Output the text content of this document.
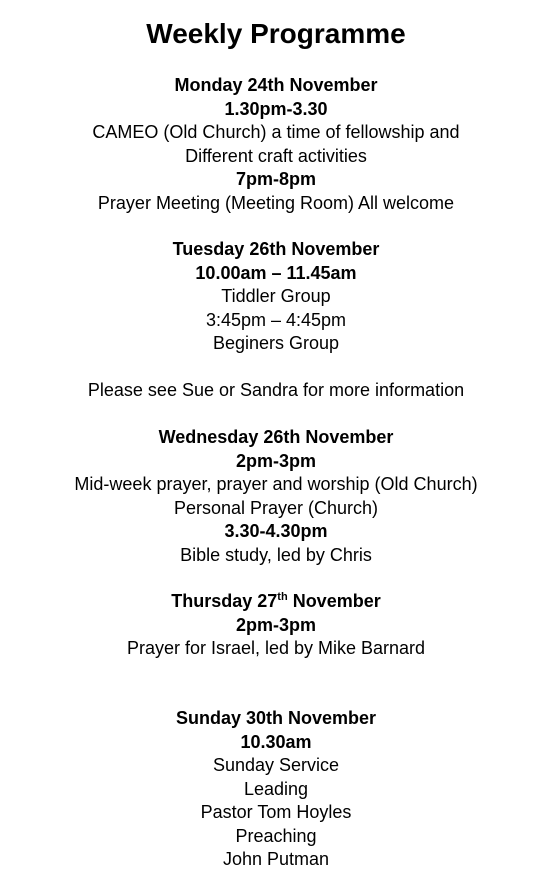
Weekly Programme
Monday 24th November
1.30pm-3.30
CAMEO (Old Church) a time of fellowship and
Different craft activities
7pm-8pm
Prayer Meeting (Meeting Room) All welcome
Tuesday 26th November
10.00am – 11.45am
Tiddler Group
3:45pm – 4:45pm
Beginers Group
Please see Sue or Sandra for more information
Wednesday 26th November
2pm-3pm
Mid-week prayer, prayer and worship (Old Church)
Personal Prayer (Church)
3.30-4.30pm
Bible study, led by Chris
Thursday 27th November
2pm-3pm
Prayer for Israel, led by Mike Barnard
Sunday 30th November
10.30am
Sunday Service
Leading
Pastor Tom Hoyles
Preaching
John Putman
